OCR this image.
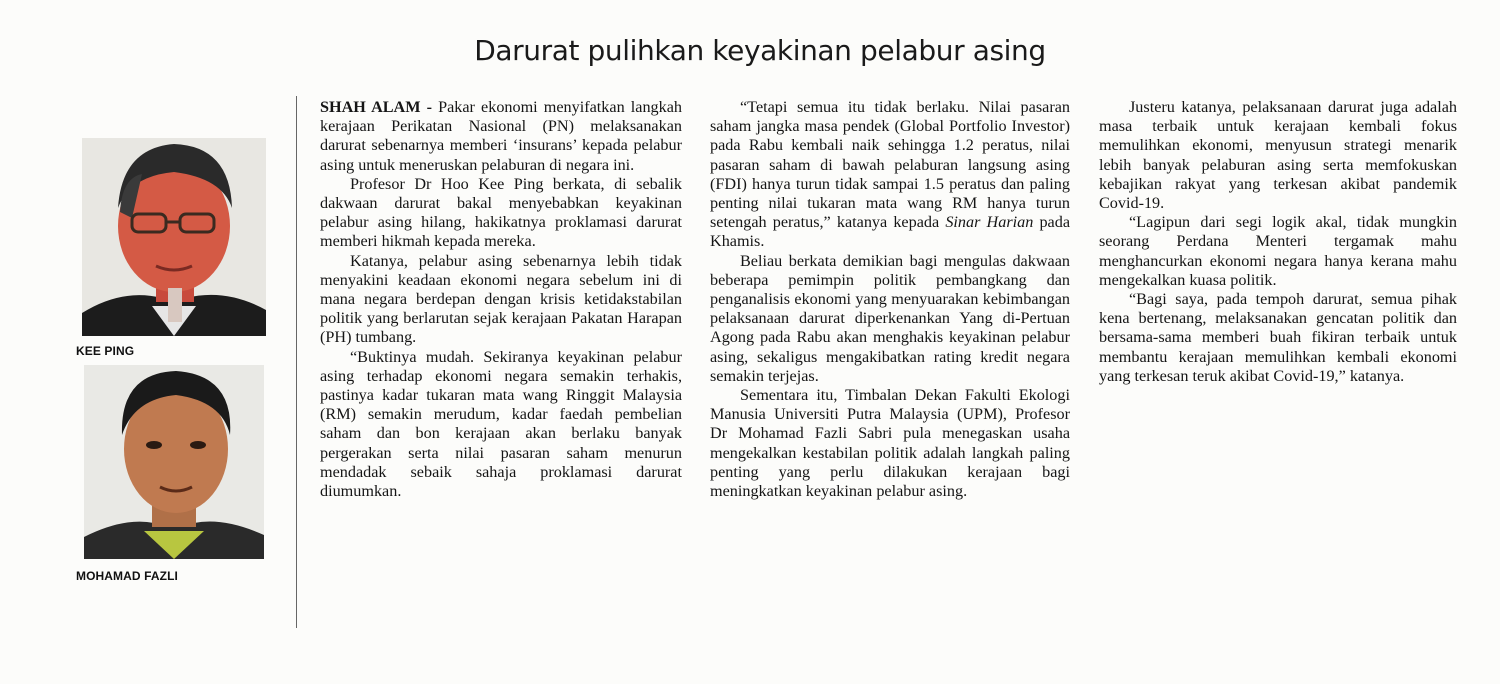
Darurat pulihkan keyakinan pelabur asing
KEE PING
MOHAMAD FAZLI

SHAH ALAM - Pakar ekonomi menyifatkan langkah kerajaan Perikatan Nasional (PN) melaksanakan darurat sebenarnya memberi ‘insurans’ kepada pelabur asing untuk meneruskan pelaburan di negara ini.

Profesor Dr Hoo Kee Ping berkata, di sebalik dakwaan darurat bakal menyebabkan keyakinan pelabur asing hilang, hakikatnya proklamasi darurat memberi hikmah kepada mereka.

Katanya, pelabur asing sebenarnya lebih tidak menyakini keadaan ekonomi negara sebelum ini di mana negara berdepan dengan krisis ketidakstabilan politik yang berlarutan sejak kerajaan Pakatan Harapan (PH) tumbang.

“Buktinya mudah. Sekiranya keyakinan pelabur asing terhadap ekonomi negara semakin terhakis, pastinya kadar tukaran mata wang Ringgit Malaysia (RM) semakin merudum, kadar faedah pembelian saham dan bon kerajaan akan berlaku banyak pergerakan serta nilai pasaran saham menurun mendadak sebaik sahaja proklamasi darurat diumumkan.

“Tetapi semua itu tidak berlaku. Nilai pasaran saham jangka masa pendek (Global Portfolio Investor) pada Rabu kembali naik sehingga 1.2 peratus, nilai pasaran saham di bawah pelaburan langsung asing (FDI) hanya turun tidak sampai 1.5 peratus dan paling penting nilai tukaran mata wang RM hanya turun setengah peratus,” katanya kepada Sinar Harian pada Khamis.

Beliau berkata demikian bagi mengulas dakwaan beberapa pemimpin politik pembangkang dan penganalisis ekonomi yang menyuarakan kebimbangan pelaksanaan darurat diperkenankan Yang di-Pertuan Agong pada Rabu akan menghakis keyakinan pelabur asing, sekaligus mengakibatkan rating kredit negara semakin terjejas.

Sementara itu, Timbalan Dekan Fakulti Ekologi Manusia Universiti Putra Malaysia (UPM), Profesor Dr Mohamad Fazli Sabri pula menegaskan usaha mengekalkan kestabilan politik adalah langkah paling penting yang perlu dilakukan kerajaan bagi meningkatkan keyakinan pelabur asing.

Justeru katanya, pelaksanaan darurat juga adalah masa terbaik untuk kerajaan kembali fokus memulihkan ekonomi, menyusun strategi menarik lebih banyak pelaburan asing serta memfokuskan kebajikan rakyat yang terkesan akibat pandemik Covid-19.

“Lagipun dari segi logik akal, tidak mungkin seorang Perdana Menteri tergamak mahu menghancurkan ekonomi negara hanya kerana mahu mengekalkan kuasa politik.

“Bagi saya, pada tempoh darurat, semua pihak kena bertenang, melaksanakan gencatan politik dan bersama-sama memberi buah fikiran terbaik untuk membantu kerajaan memulihkan kembali ekonomi yang terkesan teruk akibat Covid-19,” katanya.
